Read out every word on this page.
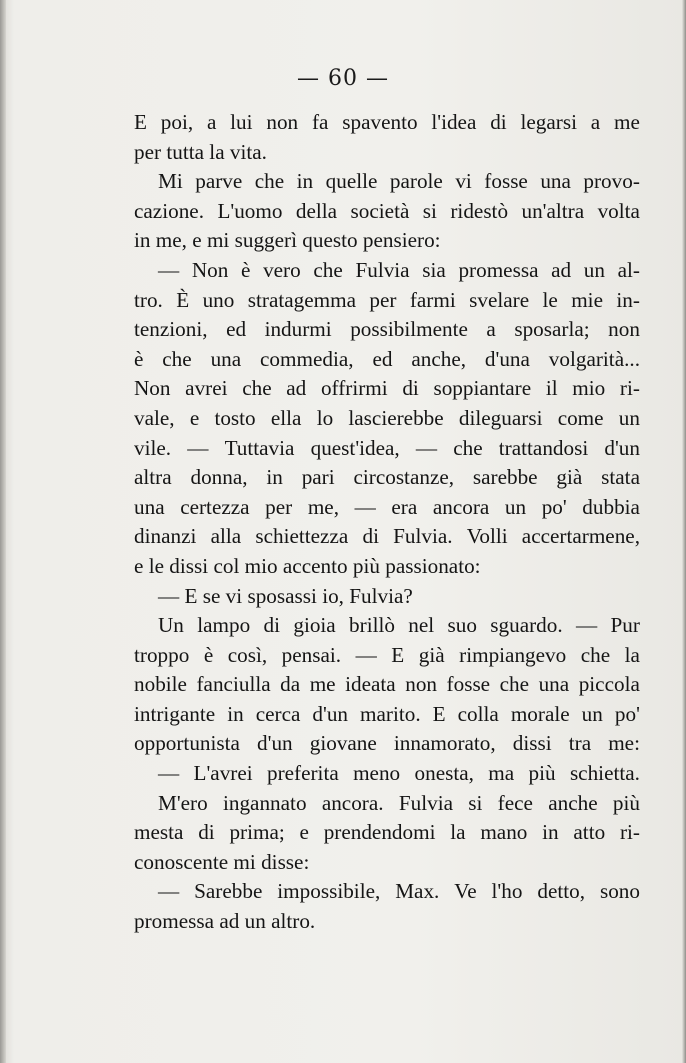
— 60 —
E poi, a lui non fa spavento l'idea di legarsi a me
per tutta la vita.
Mi parve che in quelle parole vi fosse una provo-
cazione. L'uomo della società si ridestò un'altra volta
in me, e mi suggerì questo pensiero:
— Non è vero che Fulvia sia promessa ad un al-
tro. È uno stratagemma per farmi svelare le mie in-
tenzioni, ed indurmi possibilmente a sposarla; non
è che una commedia, ed anche, d'una volgarità...
Non avrei che ad offrirmi di soppiantare il mio ri-
vale, e tosto ella lo lascierebbe dileguarsi come un
vile. — Tuttavia quest'idea, — che trattandosi d'un
altra donna, in pari circostanze, sarebbe già stata
una certezza per me, — era ancora un po' dubbia
dinanzi alla schiettezza di Fulvia. Volli accertarmene,
e le dissi col mio accento più passionato:
— E se vi sposassi io, Fulvia?
Un lampo di gioia brillò nel suo sguardo. — Pur
troppo è così, pensai. — E già rimpiangevo che la
nobile fanciulla da me ideata non fosse che una piccola
intrigante in cerca d'un marito. E colla morale un po'
opportunista d'un giovane innamorato, dissi tra me:
— L'avrei preferita meno onesta, ma più schietta.
M'ero ingannato ancora. Fulvia si fece anche più
mesta di prima; e prendendomi la mano in atto ri-
conoscente mi disse:
— Sarebbe impossibile, Max. Ve l'ho detto, sono
promessa ad un altro.
